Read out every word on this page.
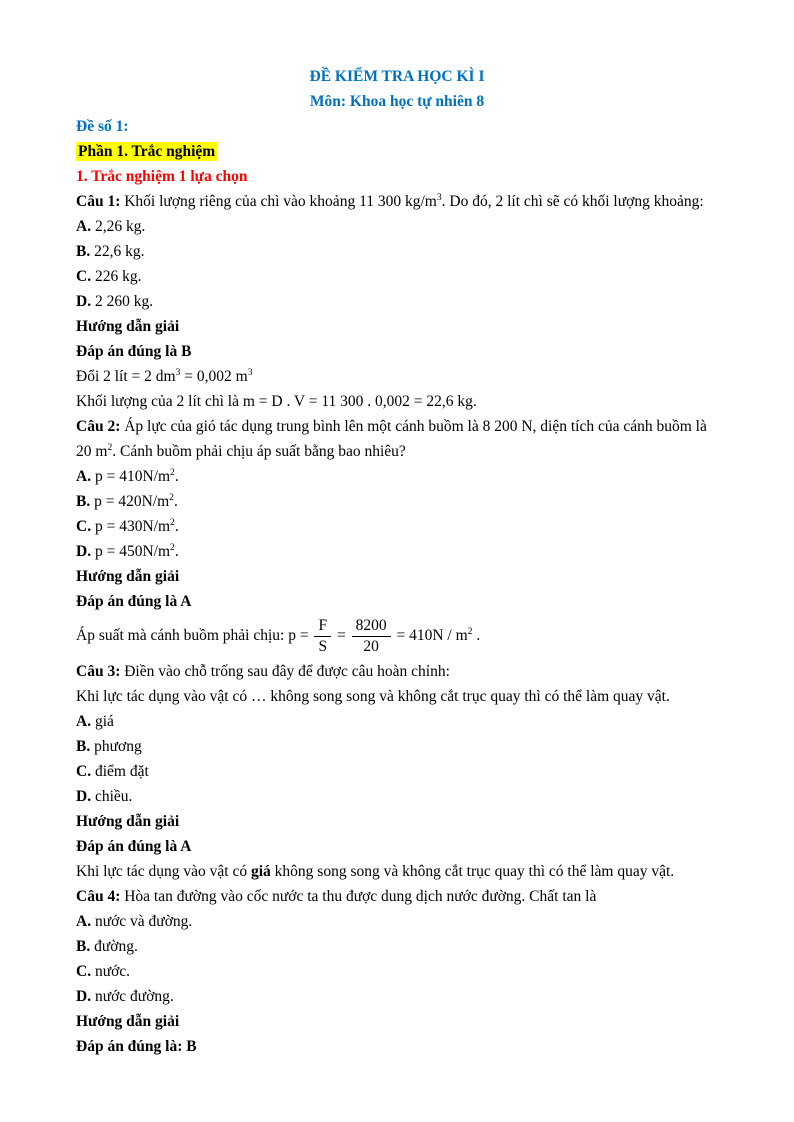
ĐỀ KIỂM TRA HỌC KÌ I

Môn: Khoa học tự nhiên 8

Đề số 1:

Phần 1. Trắc nghiệm

1. Trắc nghiệm 1 lựa chọn

Câu 1: Khối lượng riêng của chì vào khoảng 11 300 $kg/m^3$. Do đó, 2 lít chì sẽ có khối lượng khoảng:

A. 2,26 kg.

B. 22,6 kg.

C. 226 kg.

D. 2 260 kg.

Hướng dẫn giải

Đáp án đúng là B

Đổi 2 lít = 2 $dm^3 = 0,002$ $m^3$

Khối lượng của 2 lít chì là m = D . V = 11 300 . 0,002 = 22,6 kg.

Câu 2: Áp lực của gió tác dụng trung bình lên một cánh buồm là 8 200 N, diện tích của cánh buồm là 20 $m^2$. Cánh buồm phải chịu áp suất bằng bao nhiêu?

A. $p = 410N/m^2$.

B. $p = 420N/m^2$.

C. $p = 430N/m^2$.

D. $p = 450N/m^2$.

Hướng dẫn giải

Đáp án đúng là A

Áp suất mà cánh buồm phải chịu: $p = \frac{F}{S} = \frac{8200}{20} = 410N / m^2$ .

Câu 3: Điền vào chỗ trống sau đây để được câu hoàn chỉnh:

Khi lực tác dụng vào vật có … không song song và không cắt trục quay thì có thể làm quay vật.

A. giá

B. phương

C. điểm đặt

D. chiều.

Hướng dẫn giải

Đáp án đúng là A

Khi lực tác dụng vào vật có giá không song song và không cắt trục quay thì có thể làm quay vật.

Câu 4: Hòa tan đường vào cốc nước ta thu được dung dịch nước đường. Chất tan là

A. nước và đường.

B. đường.

C. nước.

D. nước đường.

Hướng dẫn giải

Đáp án đúng là: B
